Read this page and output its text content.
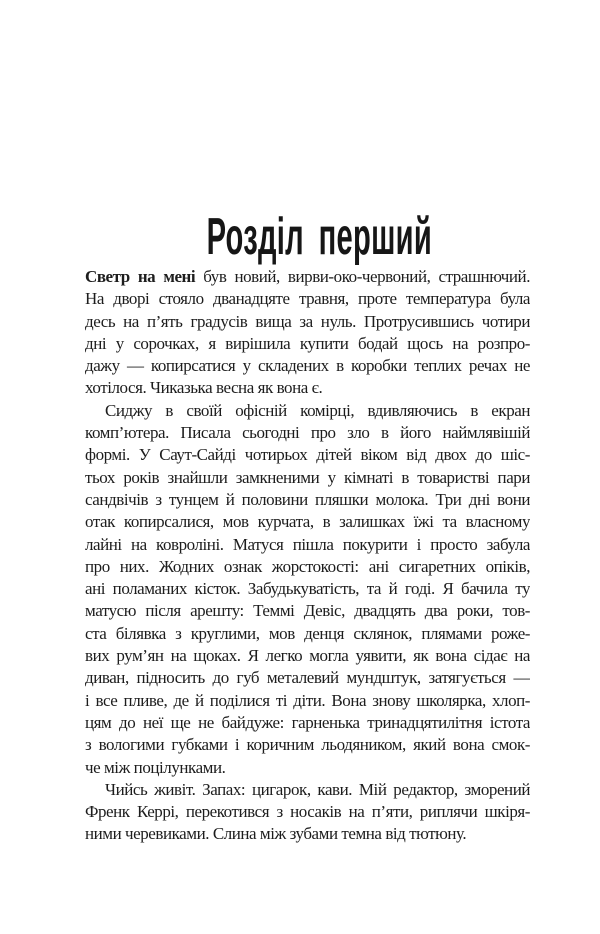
Розділ перший
Светр на мені був новий, вирви-око-червоний, страшнючий.
На дворі стояло дванадцяте травня, проте температура була
десь на п’ять градусів вища за нуль. Протрусившись чотири
дні у сорочках, я вирішила купити бодай щось на розпро-
дажу — копирсатися у складених в коробки теплих речах не
хотілося. Чиказька весна як вона є.
Сиджу в своїй офісній комірці, вдивляючись в екран
комп’ютера. Писала сьогодні про зло в його наймлявішій
формі. У Саут-Сайді чотирьох дітей віком від двох до шіс-
тьох років знайшли замкненими у кімнаті в товаристві пари
сандвічів з тунцем й половини пляшки молока. Три дні вони
отак копирсалися, мов курчата, в залишках їжі та власному
лайні на ковроліні. Матуся пішла покурити і просто забула
про них. Жодних ознак жорстокості: ані сигаретних опіків,
ані поламаних кісток. Забудькуватість, та й годі. Я бачила ту
матусю після арешту: Теммі Девіс, двадцять два роки, тов-
ста білявка з круглими, мов денця склянок, плямами роже-
вих рум’ян на щоках. Я легко могла уявити, як вона сідає на
диван, підносить до губ металевий мундштук, затягується —
і все пливе, де й поділися ті діти. Вона знову школярка, хлоп-
цям до неї ще не байдуже: гарненька тринадцятилітня істота
з вологими губками і коричним льодяником, який вона смок-
че між поцілунками.
Чийсь живіт. Запах: цигарок, кави. Мій редактор, зморений
Френк Керрі, перекотився з носаків на п’яти, риплячи шкіря-
ними черевиками. Слина між зубами темна від тютюну.
